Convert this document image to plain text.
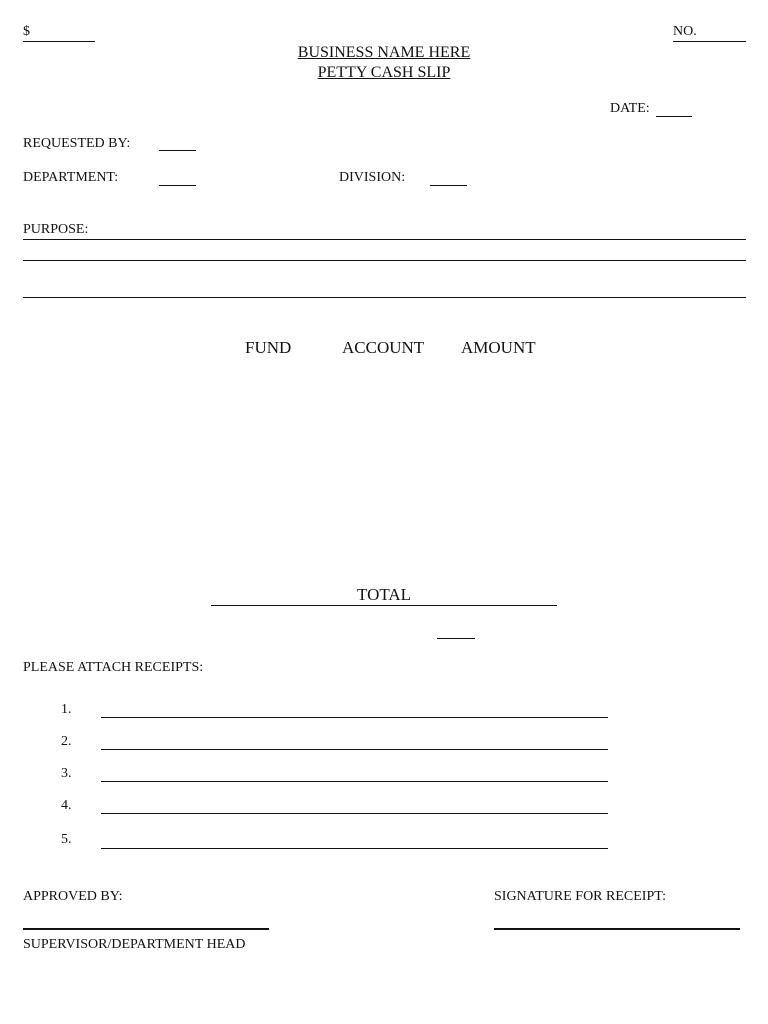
$	NO.
BUSINESS NAME HERE
PETTY CASH SLIP
DATE:
REQUESTED BY:
DEPARTMENT:	DIVISION:
PURPOSE:
FUND	ACCOUNT AMOUNT
TOTAL
PLEASE ATTACH RECEIPTS:
1.
2.
3.
4.
5.
APPROVED BY:
SUPERVISOR/DEPARTMENT HEAD
SIGNATURE FOR RECEIPT:
